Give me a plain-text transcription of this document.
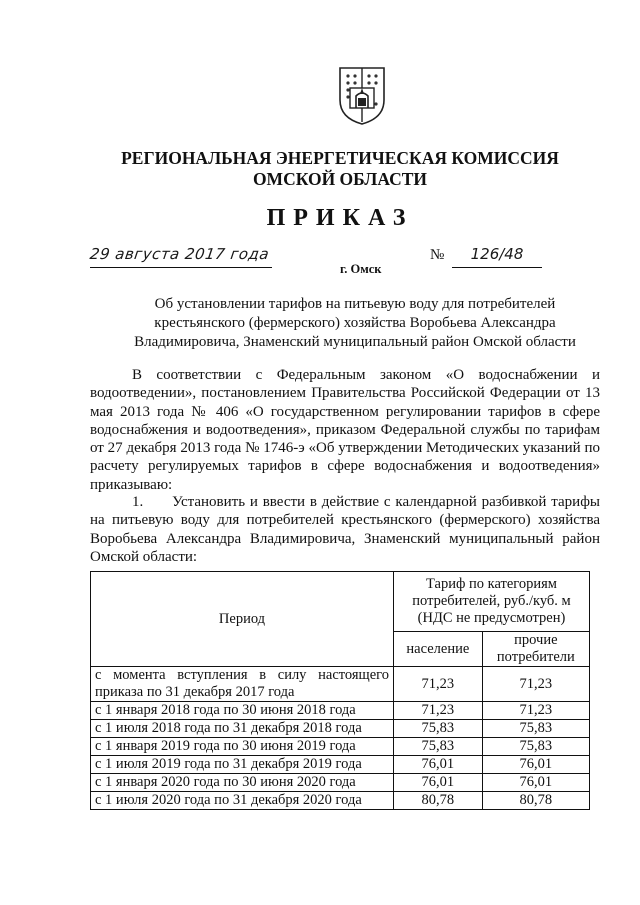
РЕГИОНАЛЬНАЯ ЭНЕРГЕТИЧЕСКАЯ КОМИССИЯ
ОМСКОЙ ОБЛАСТИ
ПРИКАЗ
29 августа 2017 года	№	126/48
г. Омск
Об установлении тарифов на питьевую воду для потребителей
крестьянского (фермерского) хозяйства Воробьева Александра
Владимировича, Знаменский муниципальный район Омской области
В соответствии с Федеральным законом «О водоснабжении и водоотведении», постановлением Правительства Российской Федерации от 13 мая 2013 года № 406 «О государственном регулировании тарифов в сфере водоснабжения и водоотведения», приказом Федеральной службы по тарифам от 27 декабря 2013 года № 1746-э «Об утверждении Методических указаний по расчету регулируемых тарифов в сфере водоснабжения и водоотведения» приказываю:
1.      Установить и ввести в действие с календарной разбивкой тарифы на питьевую воду для потребителей крестьянского (фермерского) хозяйства Воробьева Александра Владимировича, Знаменский муниципальный район Омской области:
Период	Тариф по категориям
потребителей, руб./куб. м
(НДС не предусмотрен)	

	население	прочие
потребители

с момента вступления в силу настоящего приказа по 31 декабря 2017 года	71,23	71,23
с 1 января 2018 года по 30 июня 2018 года	71,23	71,23
с 1 июля 2018 года по 31 декабря 2018 года	75,83	75,83
с 1 января 2019 года по 30 июня 2019 года	75,83	75,83
с 1 июля 2019 года по 31 декабря 2019 года	76,01	76,01
с 1 января 2020 года по 30 июня 2020 года	76,01	76,01
с 1 июля 2020 года по 31 декабря 2020 года	80,78	80,78
